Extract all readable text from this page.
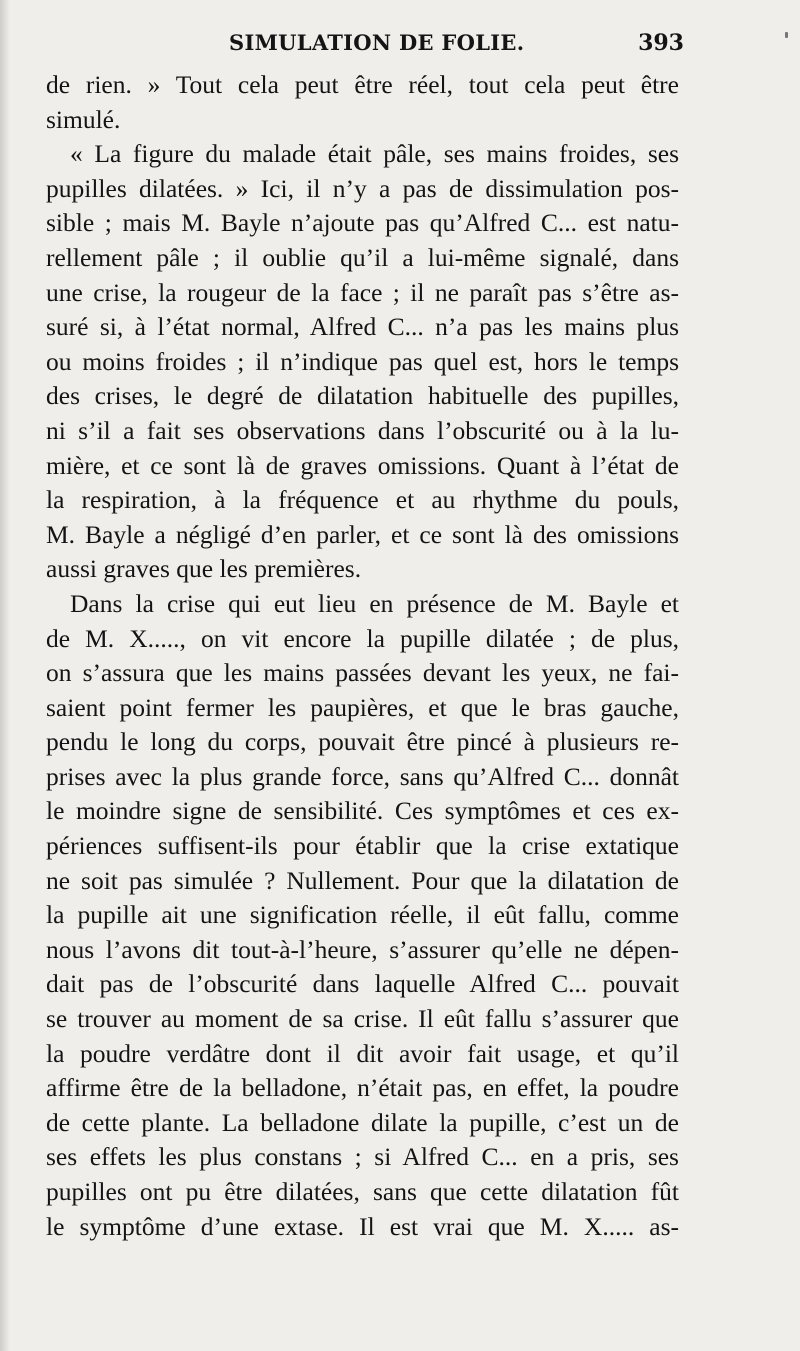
SIMULATION DE FOLIE.	393
de rien. » Tout cela peut être réel, tout cela peut être
simulé.
« La figure du malade était pâle, ses mains froides, ses
pupilles dilatées. » Ici, il n’y a pas de dissimulation pos-
sible ; mais M. Bayle n’ajoute pas qu’Alfred C... est natu-
rellement pâle ; il oublie qu’il a lui-même signalé, dans
une crise, la rougeur de la face ; il ne paraît pas s’être as-
suré si, à l’état normal, Alfred C... n’a pas les mains plus
ou moins froides ; il n’indique pas quel est, hors le temps
des crises, le degré de dilatation habituelle des pupilles,
ni s’il a fait ses observations dans l’obscurité ou à la lu-
mière, et ce sont là de graves omissions. Quant à l’état de
la respiration, à la fréquence et au rhythme du pouls,
M. Bayle a négligé d’en parler, et ce sont là des omissions
aussi graves que les premières.
Dans la crise qui eut lieu en présence de M. Bayle et
de M. X....., on vit encore la pupille dilatée ; de plus,
on s’assura que les mains passées devant les yeux, ne fai-
saient point fermer les paupières, et que le bras gauche,
pendu le long du corps, pouvait être pincé à plusieurs re-
prises avec la plus grande force, sans qu’Alfred C... donnât
le moindre signe de sensibilité. Ces symptômes et ces ex-
périences suffisent-ils pour établir que la crise extatique
ne soit pas simulée ? Nullement. Pour que la dilatation de
la pupille ait une signification réelle, il eût fallu, comme
nous l’avons dit tout-à-l’heure, s’assurer qu’elle ne dépen-
dait pas de l’obscurité dans laquelle Alfred C... pouvait
se trouver au moment de sa crise. Il eût fallu s’assurer que
la poudre verdâtre dont il dit avoir fait usage, et qu’il
affirme être de la belladone, n’était pas, en effet, la poudre
de cette plante. La belladone dilate la pupille, c’est un de
ses effets les plus constans ; si Alfred C... en a pris, ses
pupilles ont pu être dilatées, sans que cette dilatation fût
le symptôme d’une extase. Il est vrai que M. X..... as-
